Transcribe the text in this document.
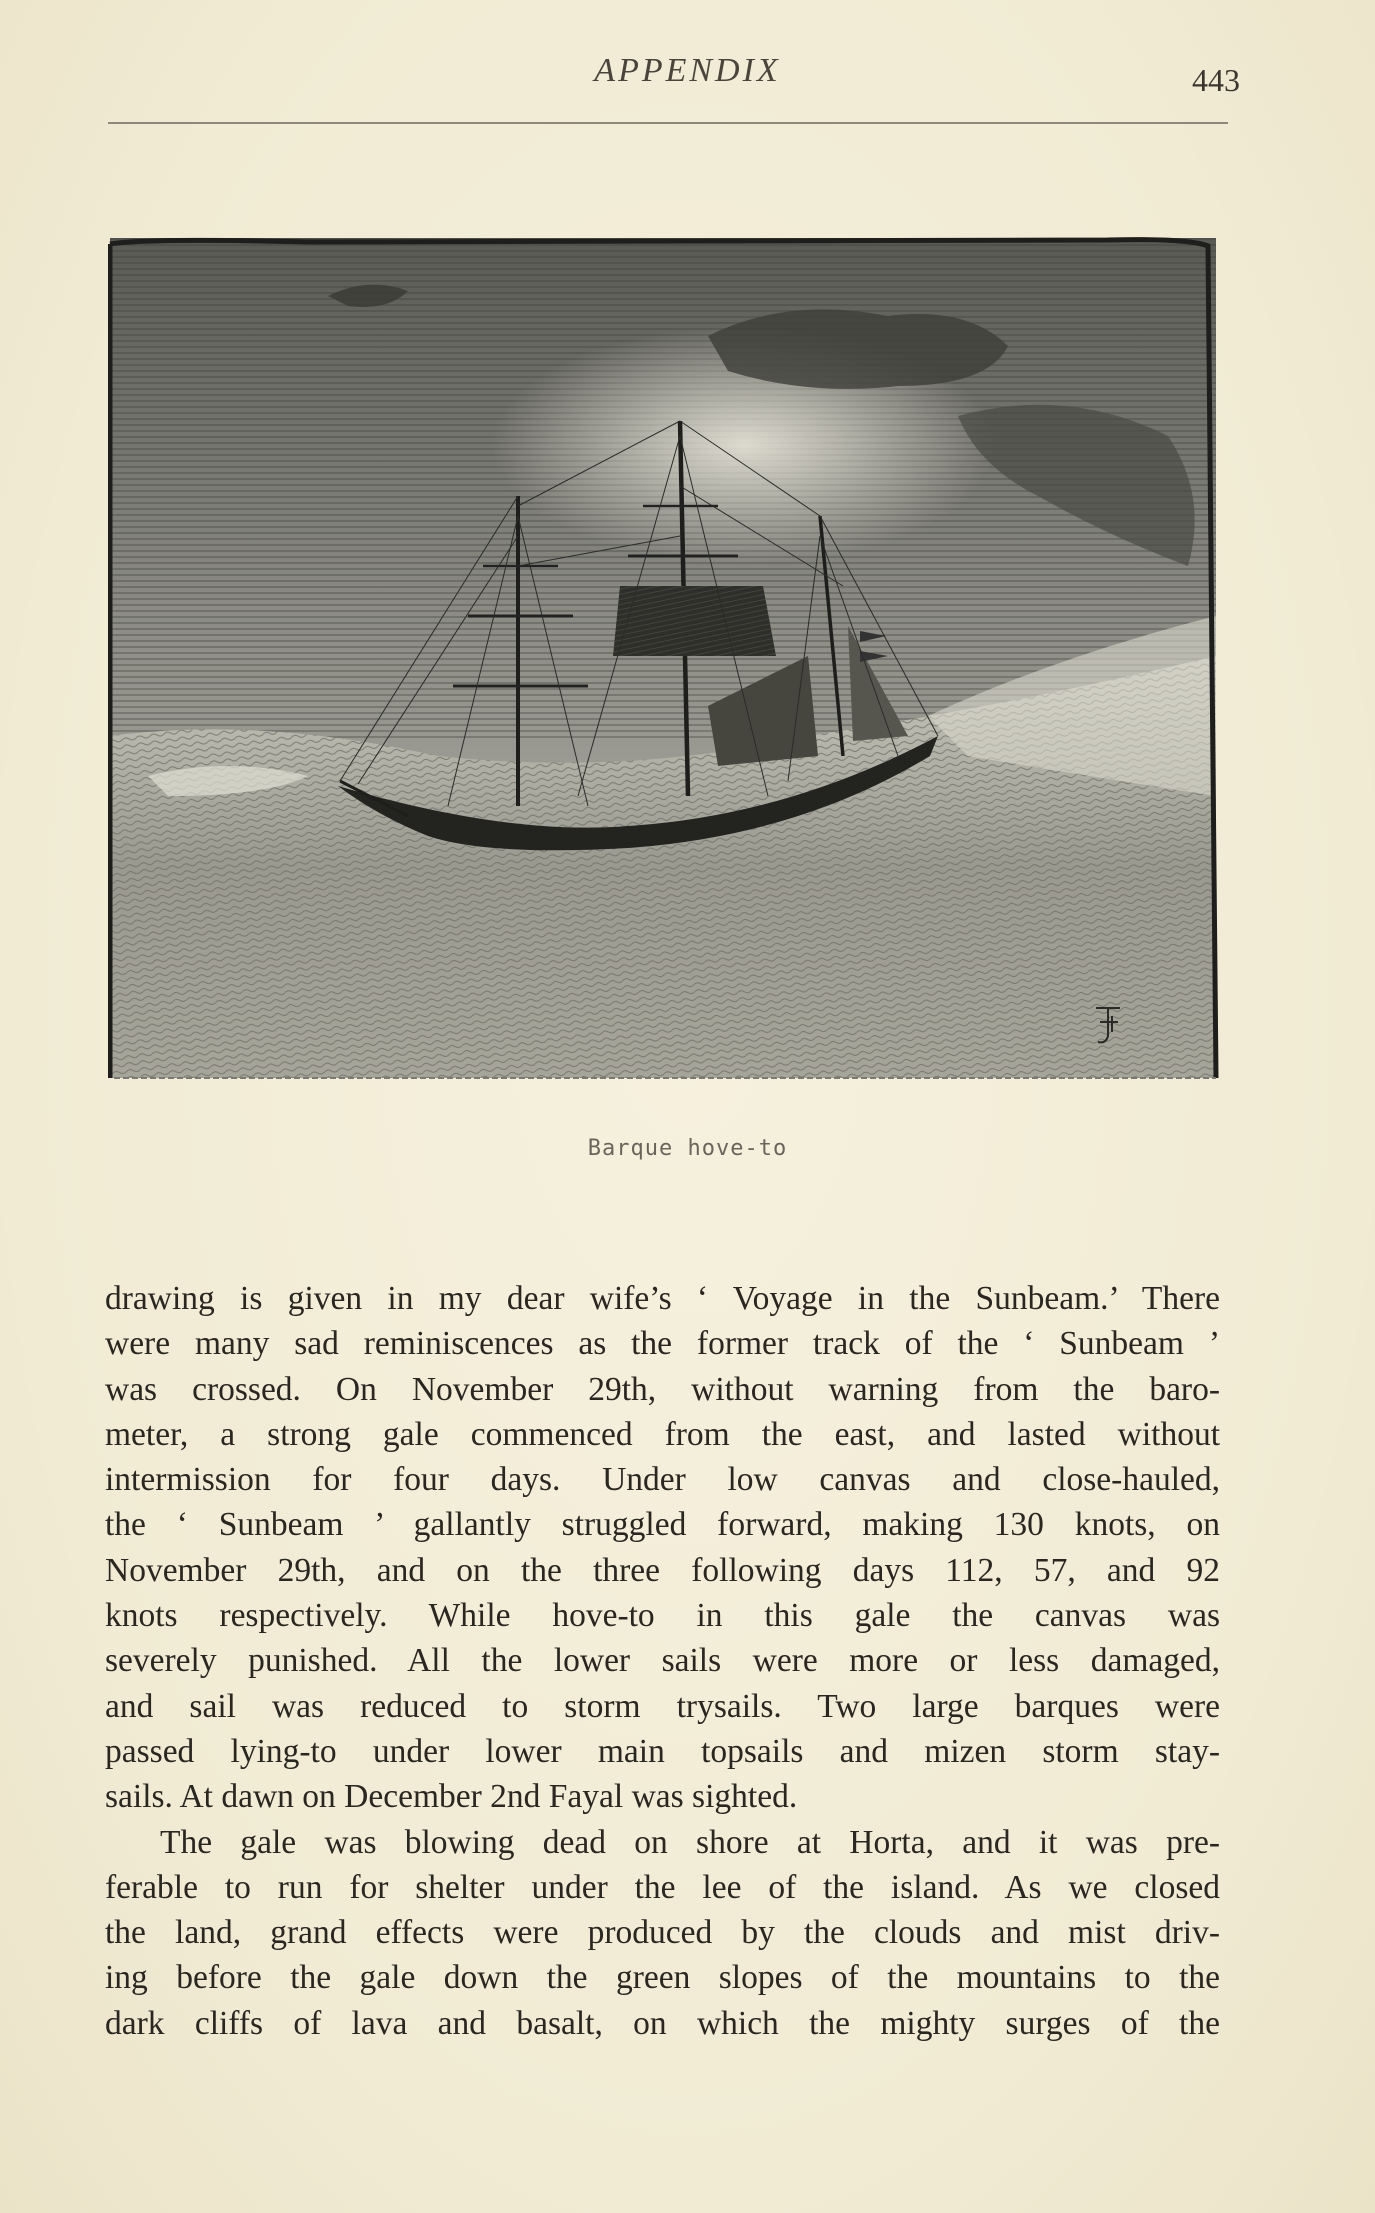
APPENDIX	443
Barque hove-to
drawing is given in my dear wife’s ‘ Voyage in the Sunbeam.’ There
were many sad reminiscences as the former track of the ‘ Sunbeam ’
was crossed. On November 29th, without warning from the baro-
meter, a strong gale commenced from the east, and lasted without
intermission for four days. Under low canvas and close-hauled,
the ‘ Sunbeam ’ gallantly struggled forward, making 130 knots, on
November 29th, and on the three following days 112, 57, and 92
knots respectively. While hove-to in this gale the canvas was
severely punished. All the lower sails were more or less damaged,
and sail was reduced to storm trysails. Two large barques were
passed lying-to under lower main topsails and mizen storm stay-
sails. At dawn on December 2nd Fayal was sighted.
The gale was blowing dead on shore at Horta, and it was pre-
ferable to run for shelter under the lee of the island. As we closed
the land, grand effects were produced by the clouds and mist driv-
ing before the gale down the green slopes of the mountains to the
dark cliffs of lava and basalt, on which the mighty surges of the
